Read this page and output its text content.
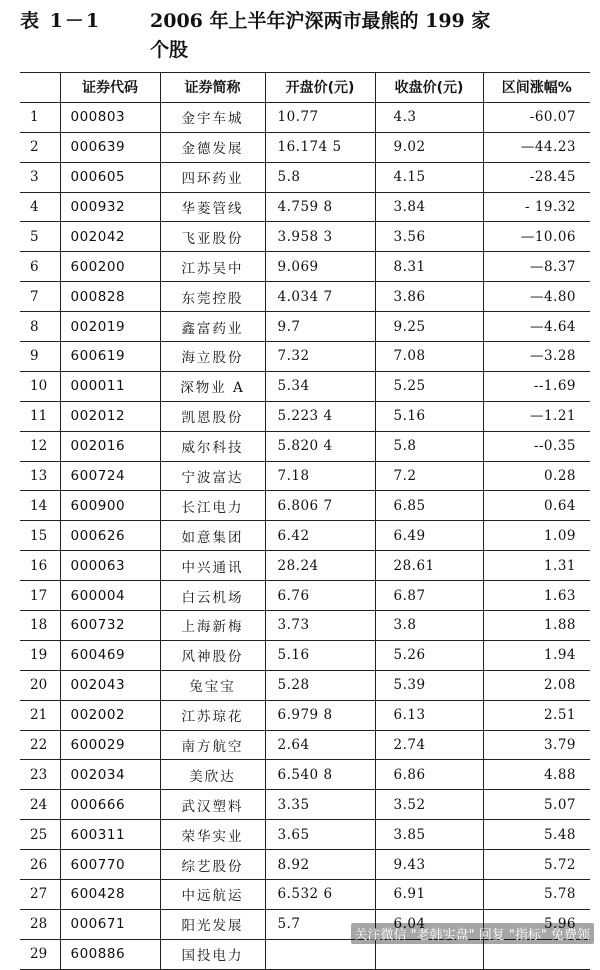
表 1－1	2006 年上半年沪深两市最熊的 199 家
个股
	证券代码	证券简称	开盘价(元)	收盘价(元)	区间涨幅%
1	000803	金宇车城	10.77	4.3	-60.07
2	000639	金德发展	16.174 5	9.02	—44.23
3	000605	四环药业	5.8	4.15	-28.45
4	000932	华菱管线	4.759 8	3.84	- 19.32
5	002042	飞亚股份	3.958 3	3.56	—10.06
6	600200	江苏吴中	9.069	8.31	—8.37
7	000828	东莞控股	4.034 7	3.86	—4.80
8	002019	鑫富药业	9.7	9.25	—4.64
9	600619	海立股份	7.32	7.08	—3.28
10	000011	深物业 A	5.34	5.25	--1.69
11	002012	凯恩股份	5.223 4	5.16	—1.21
12	002016	威尔科技	5.820 4	5.8	--0.35
13	600724	宁波富达	7.18	7.2	0.28
14	600900	长江电力	6.806 7	6.85	0.64
15	000626	如意集团	6.42	6.49	1.09
16	000063	中兴通讯	28.24	28.61	1.31
17	600004	白云机场	6.76	6.87	1.63
18	600732	上海新梅	3.73	3.8	1.88
19	600469	风神股份	5.16	5.26	1.94
20	002043	兔宝宝	5.28	5.39	2.08
21	002002	江苏琼花	6.979 8	6.13	2.51
22	600029	南方航空	2.64	2.74	3.79
23	002034	美欣达	6.540 8	6.86	4.88
24	000666	武汉塑料	3.35	3.52	5.07
25	600311	荣华实业	3.65	3.85	5.48
26	600770	综艺股份	8.92	9.43	5.72
27	600428	中远航运	6.532 6	6.91	5.78
28	000671	阳光发展	5.7	6.04	5.96
29	600886	国投电力			
关注微信 "老韩实盘" 回复 "指标" 免费领
